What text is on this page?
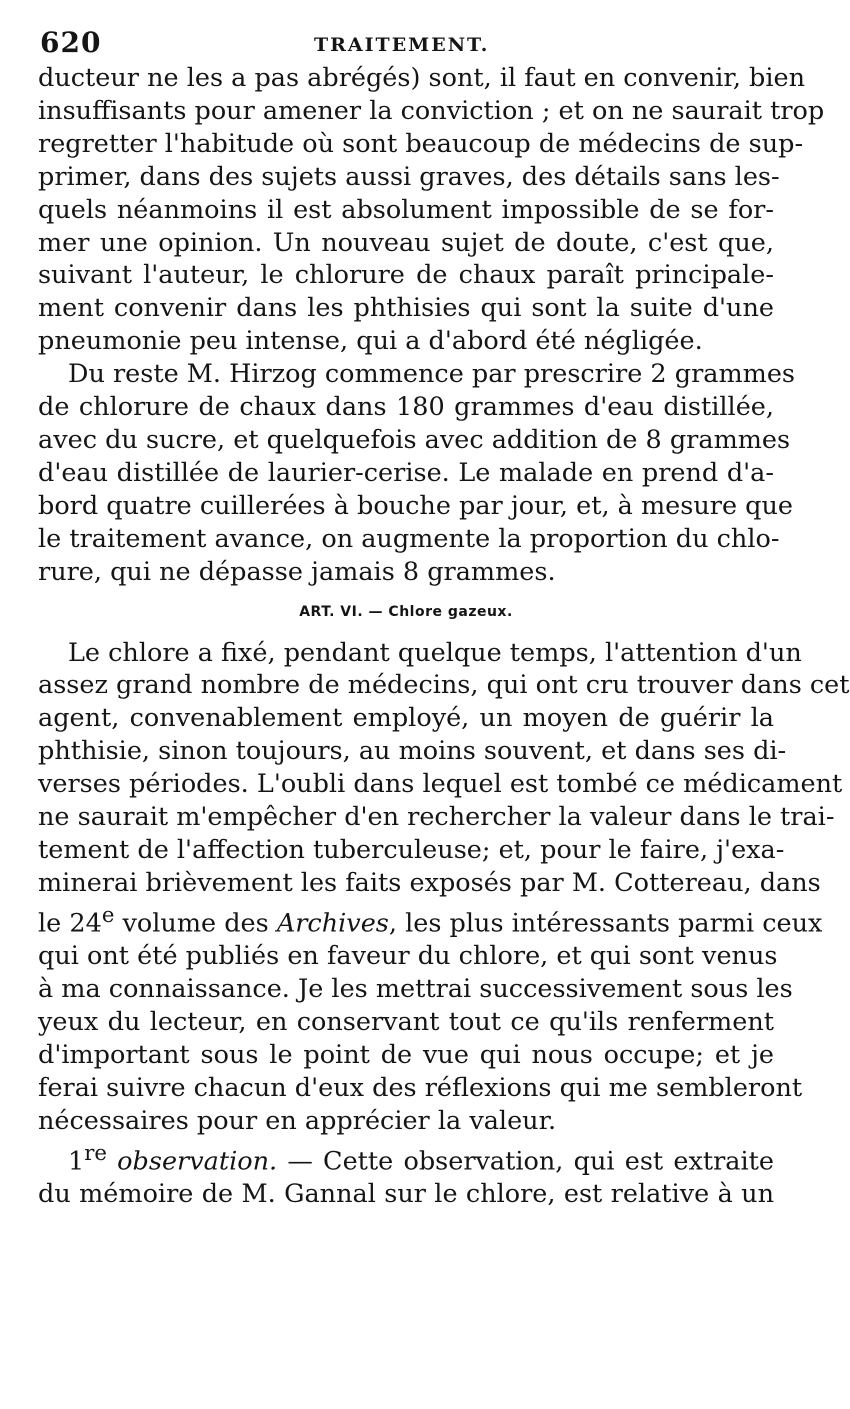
620	TRAITEMENT.
ducteur ne les a pas abrégés) sont, il faut en convenir, bien
insuffisants pour amener la conviction ; et on ne saurait trop
regretter l'habitude où sont beaucoup de médecins de sup-
primer, dans des sujets aussi graves, des détails sans les-
quels néanmoins il est absolument impossible de se for-
mer une opinion. Un nouveau sujet de doute, c'est que,
suivant l'auteur, le chlorure de chaux paraît principale-
ment convenir dans les phthisies qui sont la suite d'une
pneumonie peu intense, qui a d'abord été négligée.
Du reste M. Hirzog commence par prescrire 2 grammes
de chlorure de chaux dans 180 grammes d'eau distillée,
avec du sucre, et quelquefois avec addition de 8 grammes
d'eau distillée de laurier-cerise. Le malade en prend d'a-
bord quatre cuillerées à bouche par jour, et, à mesure que
le traitement avance, on augmente la proportion du chlo-
rure, qui ne dépasse jamais 8 grammes.
ART. VI. — Chlore gazeux.
Le chlore a fixé, pendant quelque temps, l'attention d'un
assez grand nombre de médecins, qui ont cru trouver dans cet
agent, convenablement employé, un moyen de guérir la
phthisie, sinon toujours, au moins souvent, et dans ses di-
verses périodes. L'oubli dans lequel est tombé ce médicament
ne saurait m'empêcher d'en rechercher la valeur dans le trai-
tement de l'affection tuberculeuse; et, pour le faire, j'exa-
minerai brièvement les faits exposés par M. Cottereau, dans
le 24e volume des Archives, les plus intéressants parmi ceux
qui ont été publiés en faveur du chlore, et qui sont venus
à ma connaissance. Je les mettrai successivement sous les
yeux du lecteur, en conservant tout ce qu'ils renferment
d'important sous le point de vue qui nous occupe; et je
ferai suivre chacun d'eux des réflexions qui me sembleront
nécessaires pour en apprécier la valeur.
1re observation. — Cette observation, qui est extraite
du mémoire de M. Gannal sur le chlore, est relative à un
